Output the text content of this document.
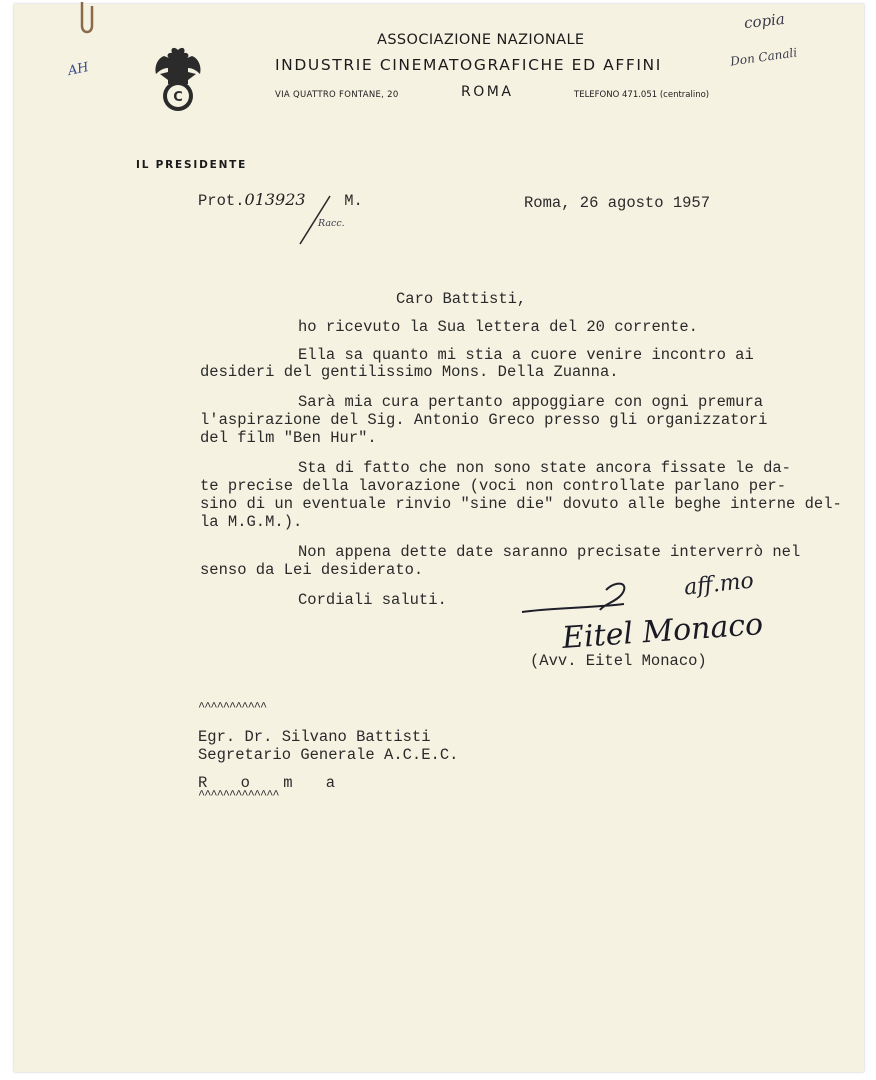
C
ASSOCIAZIONE NAZIONALE
INDUSTRIE CINEMATOGRAFICHE ED AFFINI
VIA QUATTRO FONTANE, 20	ROMA	TELEFONO 471.051 (centralino)
IL PRESIDENTE
AH
copia
Don Canali
Prot.013923 M.
Racc.
Roma, 26 agosto 1957
Caro Battisti,
ho ricevuto la Sua lettera del 20 corrente.
Ella sa quanto mi stia a cuore venire incontro ai
desideri del gentilissimo Mons. Della Zuanna.
Sarà mia cura pertanto appoggiare con ogni premura
l'aspirazione del Sig. Antonio Greco presso gli organizzatori
del film "Ben Hur".
Sta di fatto che non sono state ancora fissate le da-
te precise della lavorazione (voci non controllate parlano per-
sino di un eventuale rinvio "sine die" dovuto alle beghe interne del-
la M.G.M.).
Non appena dette date saranno precisate interverrò nel
senso da Lei desiderato.
Cordiali saluti.	aff.mo
Eitel Monaco
(Avv. Eitel Monaco)
^^^^^^^^^^^
Egr. Dr. Silvano Battisti
Segretario Generale A.C.E.C.
R o m a
^^^^^^^^^^^^^
